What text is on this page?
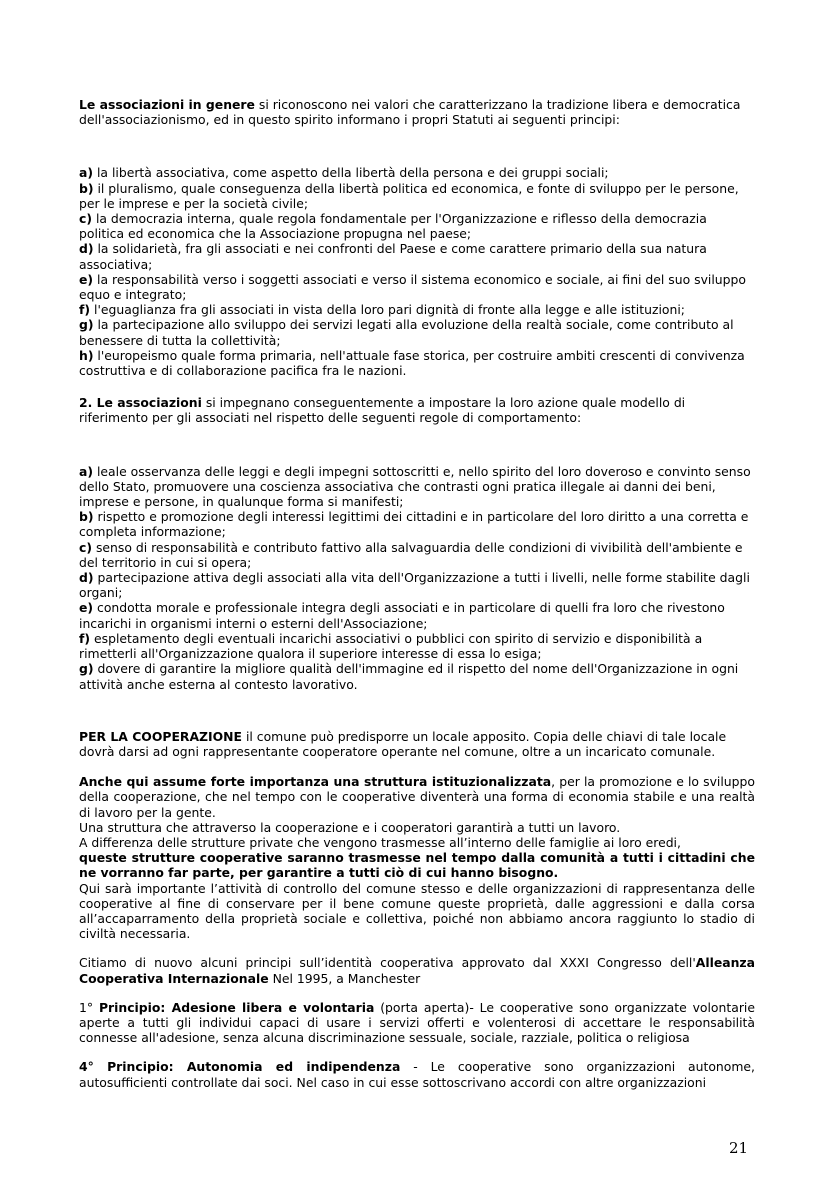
Le associazioni in genere si riconoscono nei valori che caratterizzano la tradizione libera e democratica dell'associazionismo, ed in questo spirito informano i propri Statuti ai seguenti principi:

a) la libertà associativa, come aspetto della libertà della persona e dei gruppi sociali;

b) il pluralismo, quale conseguenza della libertà politica ed economica, e fonte di sviluppo per le persone, per le imprese e per la società civile;

c) la democrazia interna, quale regola fondamentale per l'Organizzazione e riflesso della democrazia politica ed economica che la Associazione propugna nel paese;

d) la solidarietà, fra gli associati e nei confronti del Paese e come carattere primario della sua natura associativa;

e) la responsabilità verso i soggetti associati e verso il sistema economico e sociale, ai fini del suo sviluppo equo e integrato;

f) l'eguaglianza fra gli associati in vista della loro pari dignità di fronte alla legge e alle istituzioni;

g) la partecipazione allo sviluppo dei servizi legati alla evoluzione della realtà sociale, come contributo al benessere di tutta la collettività;

h) l'europeismo quale forma primaria, nell'attuale fase storica, per costruire ambiti crescenti di convivenza costruttiva e di collaborazione pacifica fra le nazioni.

2. Le associazioni si impegnano conseguentemente a impostare la loro azione quale modello di riferimento per gli associati nel rispetto delle seguenti regole di comportamento:

a) leale osservanza delle leggi e degli impegni sottoscritti e, nello spirito del loro doveroso e convinto senso dello Stato, promuovere una coscienza associativa che contrasti ogni pratica illegale ai danni dei beni, imprese e persone, in qualunque forma si manifesti;

b) rispetto e promozione degli interessi legittimi dei cittadini e in particolare del loro diritto a una corretta e completa informazione;

c) senso di responsabilità e contributo fattivo alla salvaguardia delle condizioni di vivibilità dell'ambiente e del territorio in cui si opera;

d) partecipazione attiva degli associati alla vita dell'Organizzazione a tutti i livelli, nelle forme stabilite dagli organi;

e) condotta morale e professionale integra degli associati e in particolare di quelli fra loro che rivestono incarichi in organismi interni o esterni dell'Associazione;

f) espletamento degli eventuali incarichi associativi o pubblici con spirito di servizio e disponibilità a rimetterli all'Organizzazione qualora il superiore interesse di essa lo esiga;

g) dovere di garantire la migliore qualità dell'immagine ed il rispetto del nome dell'Organizzazione in ogni attività anche esterna al contesto lavorativo.

PER LA COOPERAZIONE il comune può predisporre un locale apposito. Copia delle chiavi di tale locale dovrà darsi ad ogni rappresentante cooperatore operante nel comune, oltre a un incaricato comunale.

Anche qui assume forte importanza una struttura istituzionalizzata, per la promozione e lo sviluppo della cooperazione, che nel tempo con le cooperative diventerà una forma di economia stabile e una realtà di lavoro per la gente.

Una struttura che attraverso la cooperazione e i cooperatori garantirà a tutti un lavoro.

A differenza delle strutture private che vengono trasmesse all’interno delle famiglie ai loro eredi,

queste strutture cooperative saranno trasmesse nel tempo dalla comunità a tutti i cittadini che ne vorranno far parte, per garantire a tutti ciò di cui hanno bisogno.

Qui sarà importante l’attività di controllo del comune stesso e delle organizzazioni di rappresentanza delle cooperative al fine di conservare per il bene comune queste proprietà, dalle aggressioni e dalla corsa all’accaparramento della proprietà sociale e collettiva, poiché non abbiamo ancora raggiunto lo stadio di civiltà necessaria.

Citiamo di nuovo alcuni principi sull’identità cooperativa approvato dal XXXI Congresso dell'Alleanza Cooperativa Internazionale Nel 1995, a Manchester

1° Principio: Adesione libera e volontaria (porta aperta)- Le cooperative sono organizzate volontarie aperte a tutti gli individui capaci di usare i servizi offerti e volenterosi di accettare le responsabilità connesse all'adesione, senza alcuna discriminazione sessuale, sociale, razziale, politica o religiosa

4° Principio: Autonomia ed indipendenza - Le cooperative sono organizzazioni autonome, autosufficienti controllate dai soci. Nel caso in cui esse sottoscrivano accordi con altre organizzazioni

21
